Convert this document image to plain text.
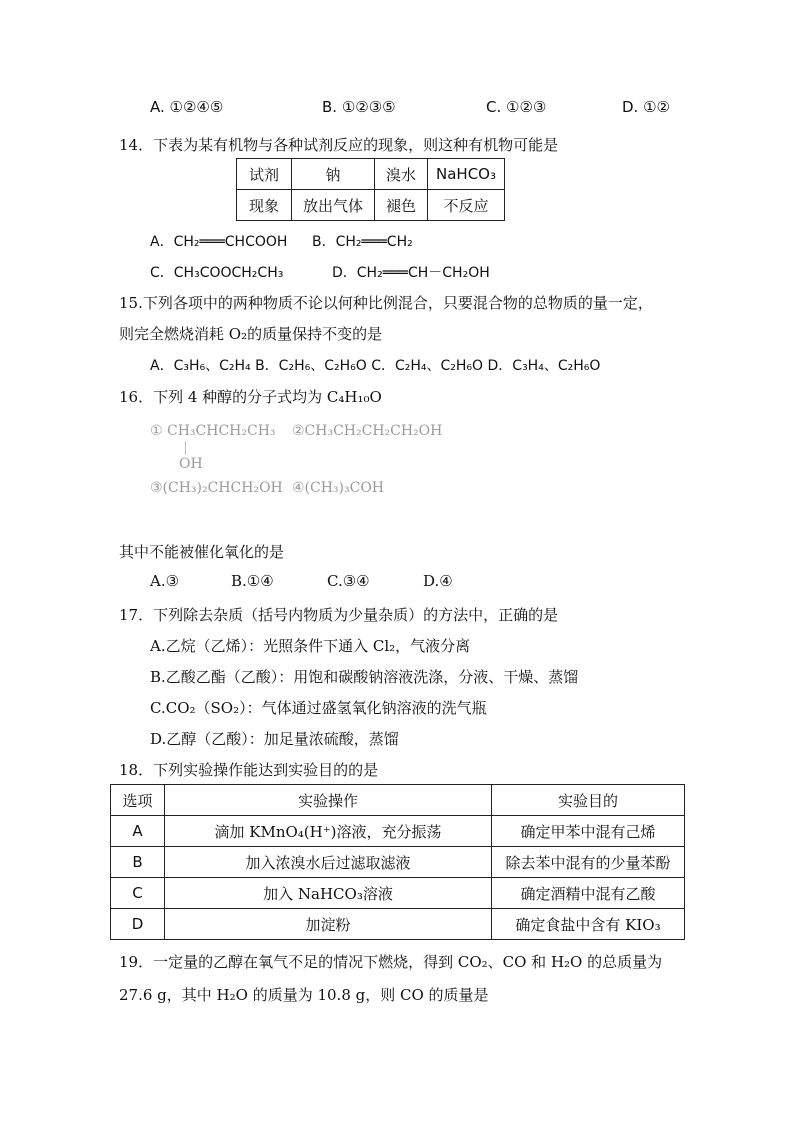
A. ①②④⑤	B. ①②③⑤	C. ①②③	D. ①②
14．下表为某有机物与各种试剂反应的现象，则这种有机物可能是
试剂	钠	溴水	NaHCO₃
现象	放出气体	褪色	不反应
A．CH₂═══CHCOOH B．CH₂═══CH₂
C．CH₃COOCH₂CH₃	D．CH₂═══CH－CH₂OH
15.下列各项中的两种物质不论以何种比例混合，只要混合物的总物质的量一定，
则完全燃烧消耗 O₂的质量保持不变的是
A．C₃H₆、C₂H₄ B．C₂H₆、C₂H₆O C．C₂H₄、C₂H₆O D．C₃H₄、C₂H₆O
16．下列 4 种醇的分子式均为 C₄H₁₀O
① CH₃CHCH₂CH₃ ②CH₃CH₂CH₂CH₂OH
OH
③(CH₃)₂CHCH₂OH ④(CH₃)₃COH
其中不能被催化氧化的是
A.③	B.①④	C.③④	D.④
17．下列除去杂质（括号内物质为少量杂质）的方法中，正确的是
A.乙烷（乙烯）：光照条件下通入 Cl₂，气液分离
B.乙酸乙酯（乙酸）：用饱和碳酸钠溶液洗涤，分液、干燥、蒸馏
C.CO₂（SO₂）：气体通过盛氢氧化钠溶液的洗气瓶
D.乙醇（乙酸）：加足量浓硫酸，蒸馏
18．下列实验操作能达到实验目的的是
选项	实验操作	实验目的
A	滴加 KMnO₄(H⁺)溶液，充分振荡	确定甲苯中混有己烯
B	加入浓溴水后过滤取滤液	除去苯中混有的少量苯酚
C	加入 NaHCO₃溶液	确定酒精中混有乙酸
D	加淀粉	确定食盐中含有 KIO₃
19．一定量的乙醇在氧气不足的情况下燃烧，得到 CO₂、CO 和 H₂O 的总质量为
27.6 g，其中 H₂O 的质量为 10.8 g，则 CO 的质量是
